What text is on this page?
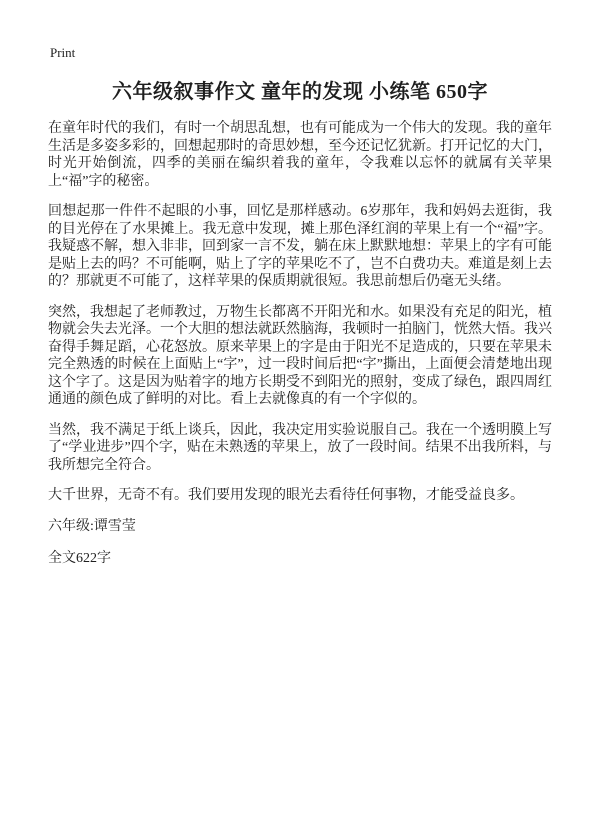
Print
六年级叙事作文 童年的发现 小练笔 650字

在童年时代的我们，有时一个胡思乱想，也有可能成为一个伟大的发现。我的童年生活是多姿多彩的，回想起那时的奇思妙想，至今还记忆犹新。打开记忆的大门，时光开始倒流，四季的美丽在编织着我的童年，令我难以忘怀的就属有关苹果上“福”字的秘密。

回想起那一件件不起眼的小事，回忆是那样感动。6岁那年，我和妈妈去逛街，我的目光停在了水果摊上。我无意中发现，摊上那色泽红润的苹果上有一个“福”字。我疑惑不解，想入非非，回到家一言不发，躺在床上默默地想：苹果上的字有可能是贴上去的吗？不可能啊，贴上了字的苹果吃不了，岂不白费功夫。难道是刻上去的？那就更不可能了，这样苹果的保质期就很短。我思前想后仍毫无头绪。

突然，我想起了老师教过，万物生长都离不开阳光和水。如果没有充足的阳光，植物就会失去光泽。一个大胆的想法就跃然脑海，我顿时一拍脑门，恍然大悟。我兴奋得手舞足蹈，心花怒放。原来苹果上的字是由于阳光不足造成的，只要在苹果未完全熟透的时候在上面贴上“字”，过一段时间后把“字”撕出，上面便会清楚地出现这个字了。这是因为贴着字的地方长期受不到阳光的照射，变成了绿色，跟四周红通通的颜色成了鲜明的对比。看上去就像真的有一个字似的。

当然，我不满足于纸上谈兵，因此，我决定用实验说服自己。我在一个透明膜上写了“学业进步”四个字，贴在未熟透的苹果上，放了一段时间。结果不出我所料，与我所想完全符合。

大千世界，无奇不有。我们要用发现的眼光去看待任何事物，才能受益良多。

六年级:谭雪莹

全文622字
